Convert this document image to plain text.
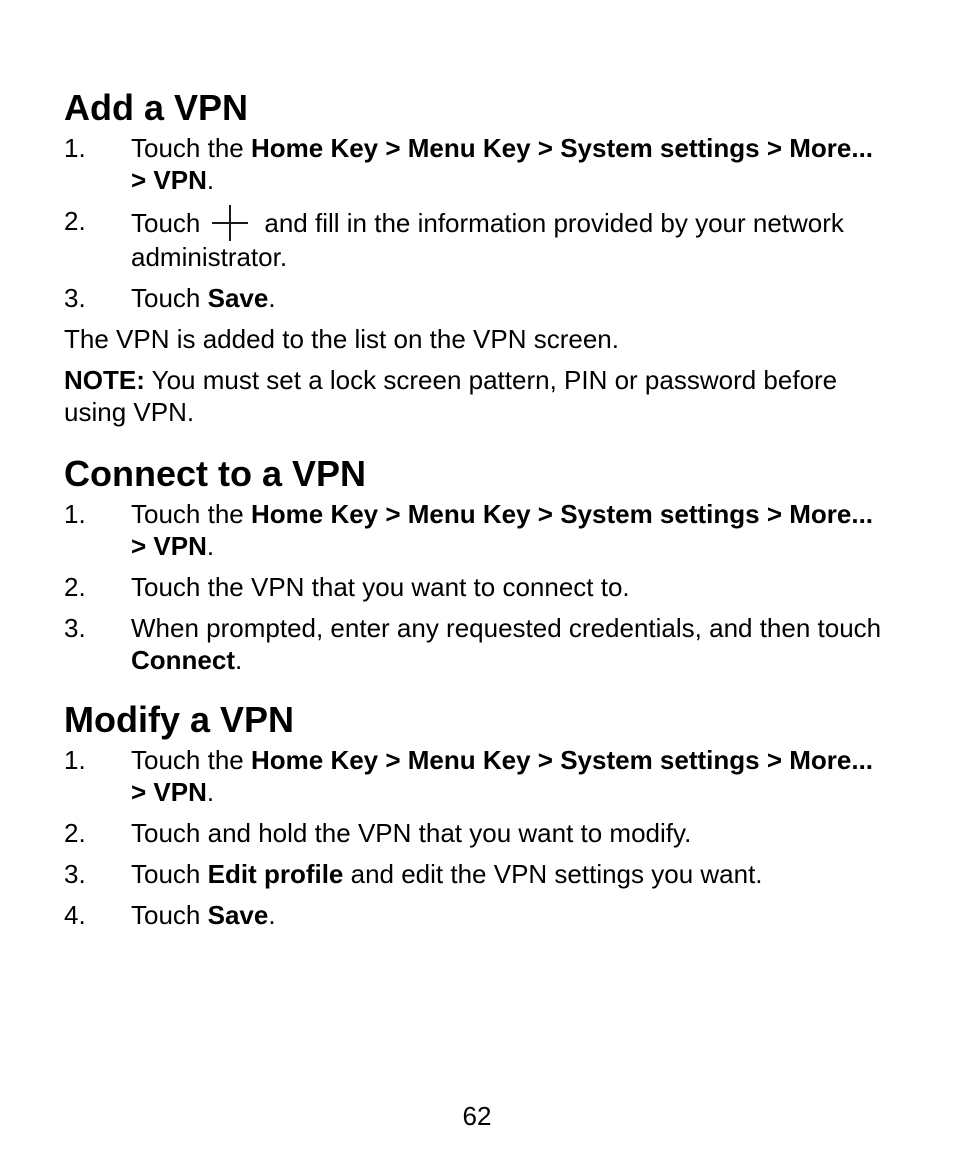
Add a VPN
1. Touch the Home Key > Menu Key > System settings > More... > VPN.
2. Touch and fill in the information provided by your network administrator.
3. Touch Save.

The VPN is added to the list on the VPN screen.

NOTE: You must set a lock screen pattern, PIN or password before using VPN.

Connect to a VPN
1. Touch the Home Key > Menu Key > System settings > More... > VPN.
2. Touch the VPN that you want to connect to.
3. When prompted, enter any requested credentials, and then touch Connect.
Modify a VPN
1. Touch the Home Key > Menu Key > System settings > More... > VPN.
2. Touch and hold the VPN that you want to modify.
3. Touch Edit profile and edit the VPN settings you want.
4. Touch Save.
62
